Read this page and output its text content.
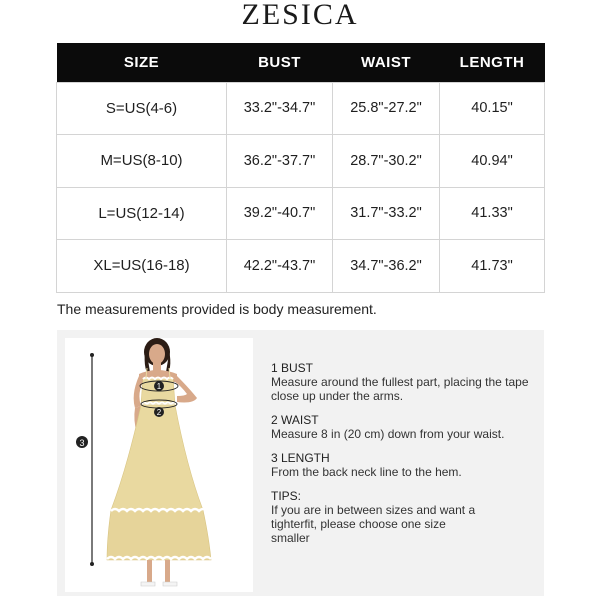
ZESICA
SIZE	BUST	WAIST	LENGTH
S=US(4-6)	33.2"-34.7"	25.8"-27.2"	40.15"
M=US(8-10)	36.2"-37.7"	28.7"-30.2"	40.94"
L=US(12-14)	39.2"-40.7"	31.7"-33.2"	41.33"
XL=US(16-18)	42.2"-43.7"	34.7"-36.2"	41.73"
The measurements provided is body measurement.
3
1
2
1 BUST
Measure around the fullest part, placing the tape close up under the arms.
2 WAIST
Measure 8 in (20 cm) down from your waist.
3 LENGTH
From the back neck line to the hem.
TIPS:
If you are in between sizes and want a tighterfit, please choose one size smaller
